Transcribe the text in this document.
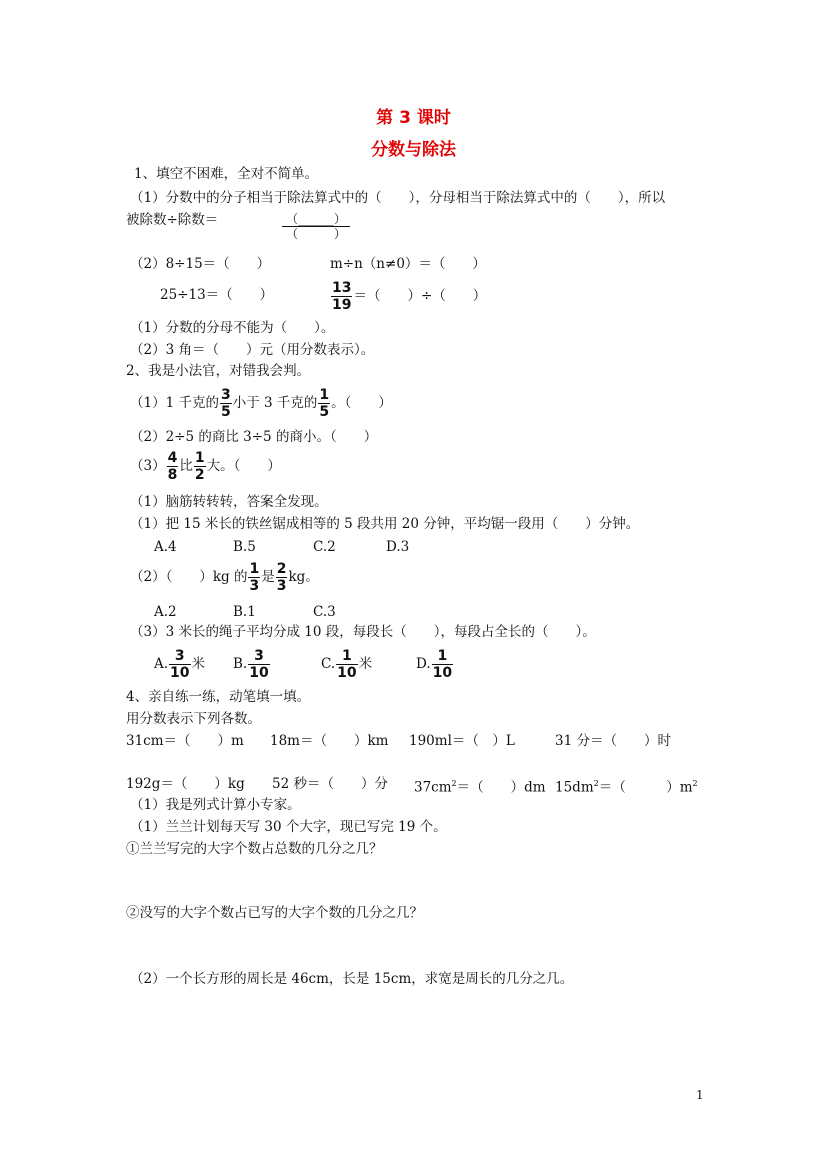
第 3 课时
分数与除法
1、填空不困难，全对不简单。
（1）分数中的分子相当于除法算式中的（　　），分母相当于除法算式中的（　　），所以
被除数÷除数＝	（______）
（　　　）
（2）8÷15＝（　　）	m÷n（n≠0）＝（　　）
25÷13＝（　　）	$\frac{13}{19}$ ＝（　　）÷（　　）
（1）分数的分母不能为（　　）。
（2）3 角＝（　　）元（用分数表示）。
2、我是小法官，对错我会判。
（1）1 千克的 $\frac{3}{5}$ 小于 3 千克的 $\frac{1}{5}$ 。（　　）
（2）2÷5 的商比 3÷5 的商小。（　　）
$(3) \frac{4}{8}$ 比 $\frac{1}{2}$ 大。（　　）
（1）脑筋转转转，答案全发现。
（1）把 15 米长的铁丝锯成相等的 5 段共用 20 分钟，平均锯一段用（　　）分钟。
A.4	B.5	C.2	D.3
（2）（　　）kg 的 $\frac{1}{3}$ 是 $\frac{2}{3}$ kg。
A.2	B.1	C.3
（3）3 米长的绳子平均分成 10 段，每段长（　　），每段占全长的（　　）。
A. $\frac{3}{10}$ 米 B. $\frac{3}{10}$	C. $\frac{1}{10}$ 米	D. $\frac{1}{10}$
4、亲自练一练，动笔填一填。
用分数表示下列各数。
31cm＝（　　）m 18m＝（　　）km 190ml＝（　）L	31 分＝（　　）时
192g＝（　　）kg 52 秒＝（　　）分 $37cm^2=$（　　）dm $15dm^2=$（　　　）$m^2$
（1）我是列式计算小专家。
（1）兰兰计划每天写 30 个大字，现已写完 19 个。
①兰兰写完的大字个数占总数的几分之几？
②没写的大字个数占已写的大字个数的几分之几？
（2）一个长方形的周长是 46cm，长是 15cm，求宽是周长的几分之几。
1
